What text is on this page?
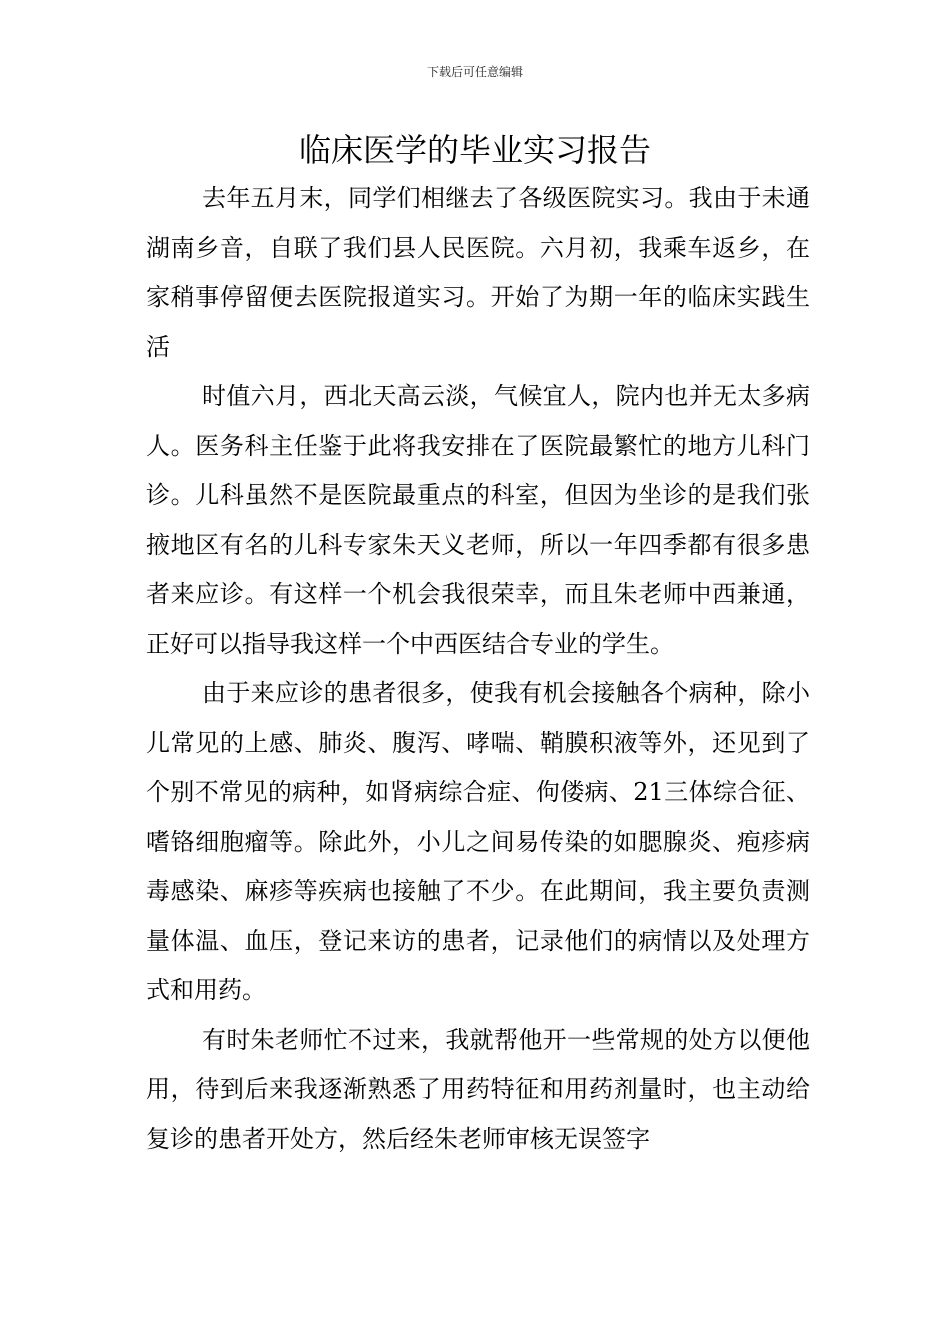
下载后可任意编辑
临床医学的毕业实习报告

去年五月末，同学们相继去了各级医院实习。我由于未通湖南乡音，自联了我们县人民医院。六月初，我乘车返乡，在家稍事停留便去医院报道实习。开始了为期一年的临床实践生活

时值六月，西北天高云淡，气候宜人，院内也并无太多病人。医务科主任鉴于此将我安排在了医院最繁忙的地方儿科门诊。儿科虽然不是医院最重点的科室，但因为坐诊的是我们张掖地区有名的儿科专家朱天义老师，所以一年四季都有很多患者来应诊。有这样一个机会我很荣幸，而且朱老师中西兼通，正好可以指导我这样一个中西医结合专业的学生。

由于来应诊的患者很多，使我有机会接触各个病种，除小儿常见的上感、肺炎、腹泻、哮喘、鞘膜积液等外，还见到了个别不常见的病种，如肾病综合症、佝偻病、21三体综合征、嗜铬细胞瘤等。除此外，小儿之间易传染的如腮腺炎、疱疹病毒感染、麻疹等疾病也接触了不少。在此期间，我主要负责测量体温、血压，登记来访的患者，记录他们的病情以及处理方式和用药。

有时朱老师忙不过来，我就帮他开一些常规的处方以便他用，待到后来我逐渐熟悉了用药特征和用药剂量时，也主动给复诊的患者开处方，然后经朱老师审核无误签字
